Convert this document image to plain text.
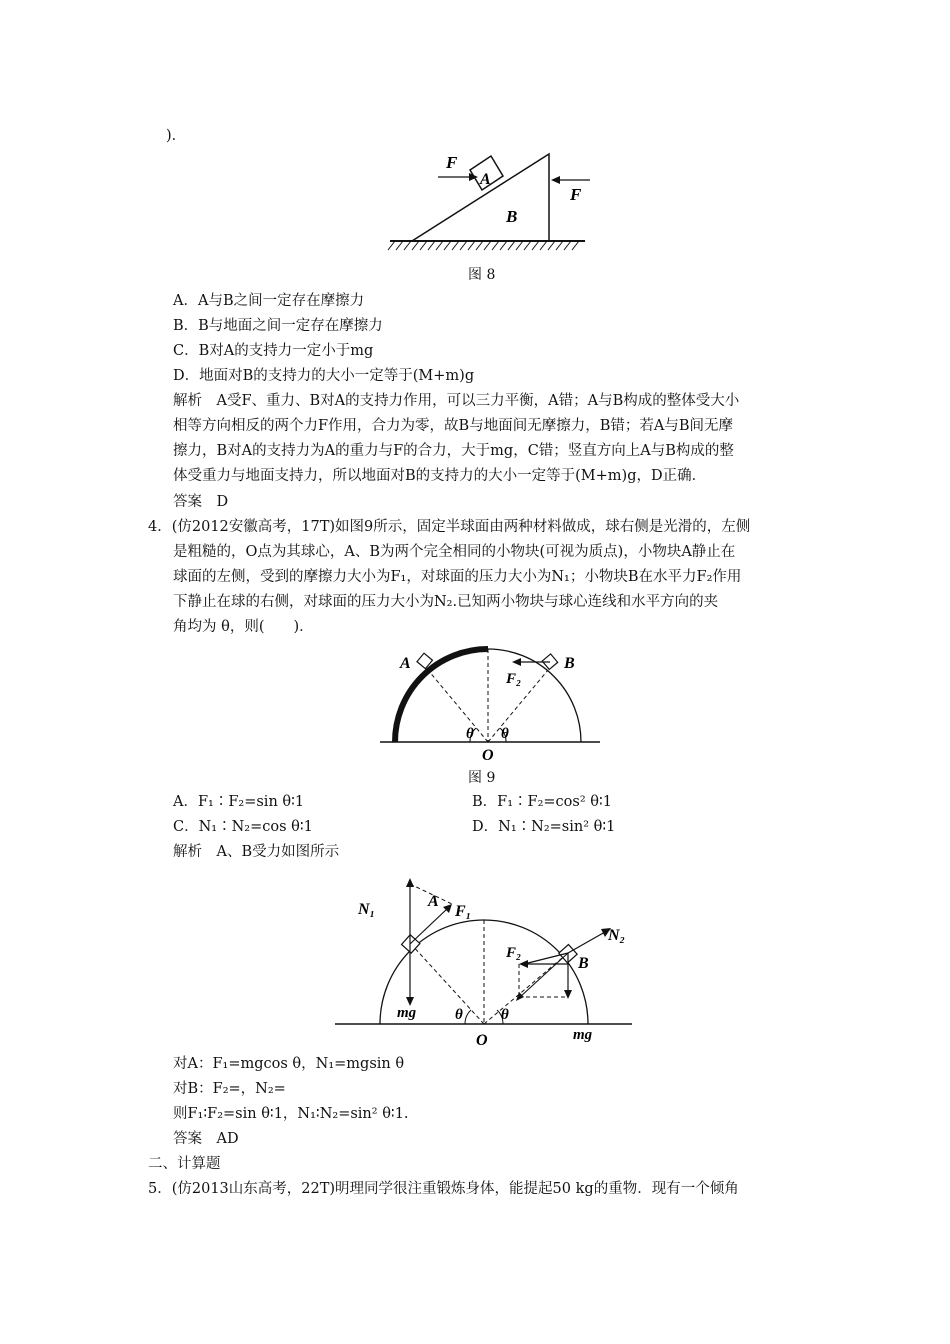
)．
F
A
B
F
图 8
A．A与B之间一定存在摩擦力
B．B与地面之间一定存在摩擦力
C．B对A的支持力一定小于mg
D．地面对B的支持力的大小一定等于(M+m)g
解析　A受F、重力、B对A的支持力作用，可以三力平衡，A错；A与B构成的整体受大小
相等方向相反的两个力F作用，合力为零，故B与地面间无摩擦力，B错；若A与B间无摩
擦力，B对A的支持力为A的重力与F的合力，大于mg，C错；竖直方向上A与B构成的整
体受重力与地面支持力，所以地面对B的支持力的大小一定等于(M+m)g，D正确．
答案　D
4．(仿2012安徽高考，17T)如图9所示，固定半球面由两种材料做成，球右侧是光滑的，左侧
是粗糙的，O点为其球心，A、B为两个完全相同的小物块(可视为质点)，小物块A静止在
球面的左侧，受到的摩擦力大小为F₁，对球面的压力大小为N₁；小物块B在水平力F₂作用
下静止在球的右侧，对球面的压力大小为N₂.已知两小物块与球心连线和水平方向的夹
角均为 θ，则(　　)．
A	B
F₂
θ θ
O
图 9
A．F₁∶F₂=sin θ∶1	B．F₁∶F₂=cos² θ∶1
C．N₁∶N₂=cos θ∶1	D．N₁∶N₂=sin² θ∶1
解析　A、B受力如图所示
N₁	A
F₁
mg	θ	θ
O
F₂
B
N₂
mg
对A：F₁=mgcos θ，N₁=mgsin θ
对B：F₂=，N₂=
则F₁∶F₂=sin θ∶1，N₁∶N₂=sin² θ∶1.
答案　AD
二、计算题
5．(仿2013山东高考，22T)明理同学很注重锻炼身体，能提起50 kg的重物．现有一个倾角
